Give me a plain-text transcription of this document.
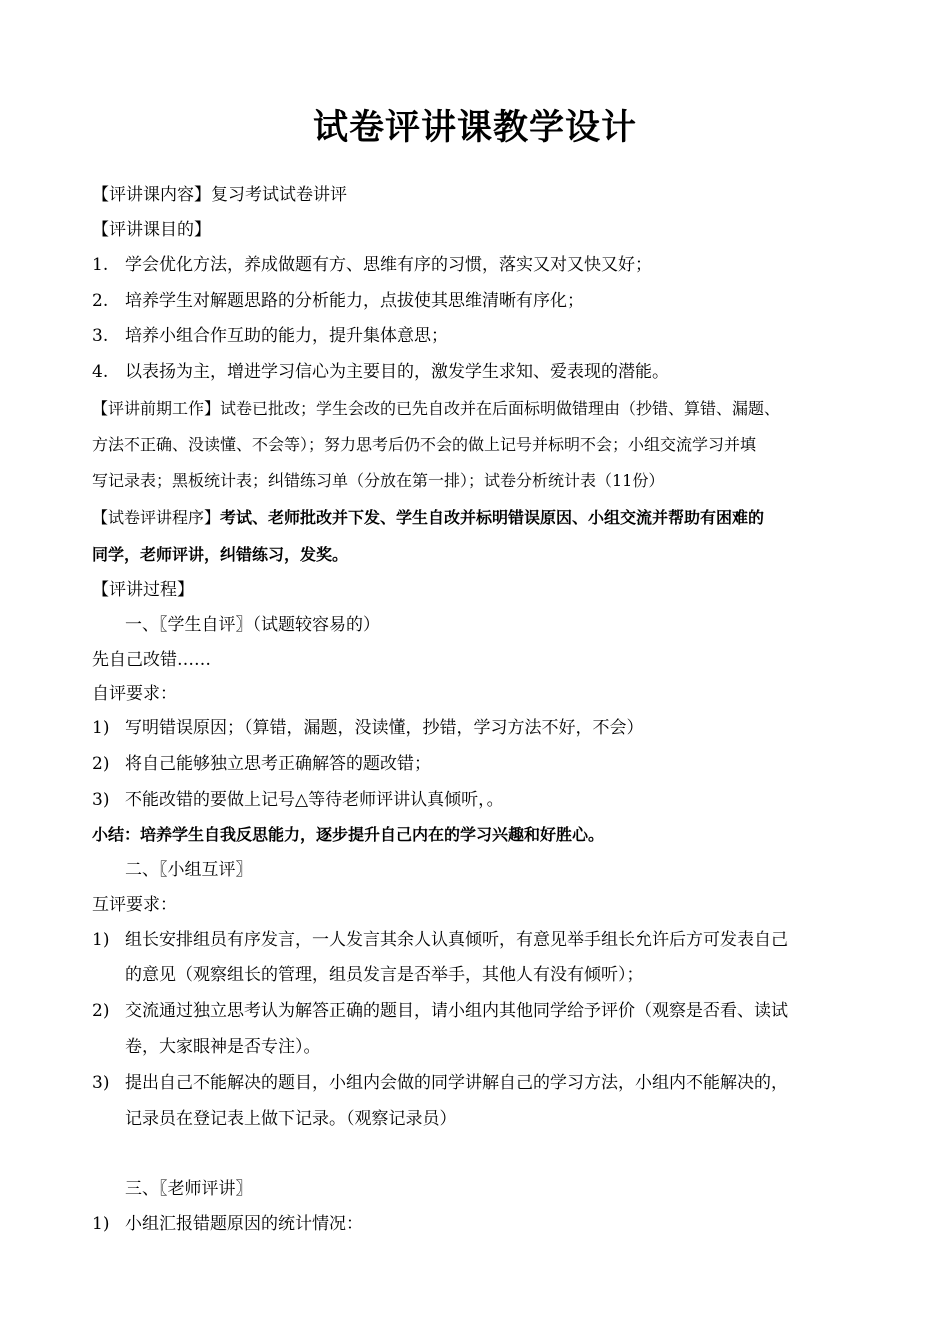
试卷评讲课教学设计
【评讲课内容】复习考试试卷讲评
【评讲课目的】
1. 学会优化方法，养成做题有方、思维有序的习惯，落实又对又快又好；
2. 培养学生对解题思路的分析能力，点拔使其思维清晰有序化；
3. 培养小组合作互助的能力，提升集体意思；
4. 以表扬为主，增进学习信心为主要目的，激发学生求知、爱表现的潜能。
【评讲前期工作】试卷已批改；学生会改的已先自改并在后面标明做错理由（抄错、算错、漏题、
方法不正确、没读懂、不会等）；努力思考后仍不会的做上记号并标明不会；小组交流学习并填
写记录表；黑板统计表；纠错练习单（分放在第一排）；试卷分析统计表（11份）
【试卷评讲程序】考试、老师批改并下发、学生自改并标明错误原因、小组交流并帮助有困难的
同学，老师评讲，纠错练习，发奖。
【评讲过程】
一、〖学生自评〗（试题较容易的）
先自己改错……
自评要求：
1) 写明错误原因；（算错，漏题，没读懂，抄错，学习方法不好，不会）
2) 将自己能够独立思考正确解答的题改错；
3) 不能改错的要做上记号△等待老师评讲认真倾听，。
小结：培养学生自我反思能力，逐步提升自己内在的学习兴趣和好胜心。
二、〖小组互评〗
互评要求：
1) 组长安排组员有序发言，一人发言其余人认真倾听，有意见举手组长允许后方可发表自己
的意见（观察组长的管理，组员发言是否举手，其他人有没有倾听）；
2) 交流通过独立思考认为解答正确的题目，请小组内其他同学给予评价（观察是否看、读试
卷，大家眼神是否专注）。
3) 提出自己不能解决的题目，小组内会做的同学讲解自己的学习方法，小组内不能解决的，
记录员在登记表上做下记录。（观察记录员）
三、〖老师评讲〗
1) 小组汇报错题原因的统计情况：
